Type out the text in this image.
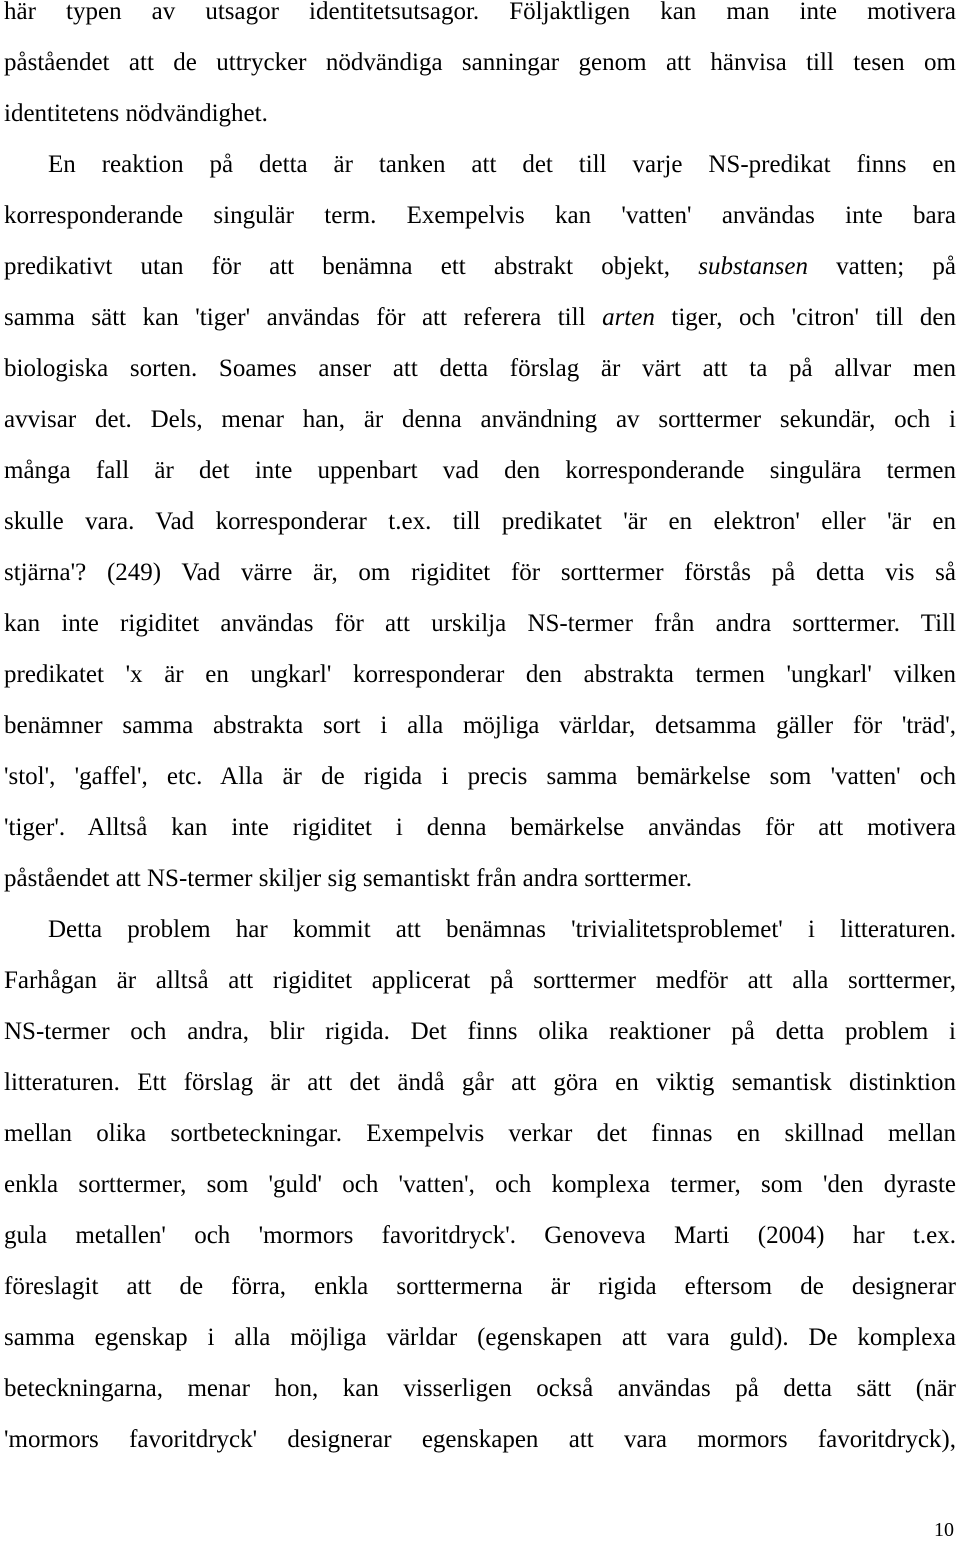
här typen av utsagor identitetsutsagor. Följaktligen kan man inte motivera
påståendet att de uttrycker nödvändiga sanningar genom att hänvisa till tesen om
identitetens nödvändighet.
En reaktion på detta är tanken att det till varje NS-predikat finns en
korresponderande singulär term. Exempelvis kan 'vatten' användas inte bara
predikativt utan för att benämna ett abstrakt objekt, substansen vatten; på
samma sätt kan 'tiger' användas för att referera till arten tiger, och 'citron' till den
biologiska sorten. Soames anser att detta förslag är värt att ta på allvar men
avvisar det. Dels, menar han, är denna användning av sorttermer sekundär, och i
många fall är det inte uppenbart vad den korresponderande singulära termen
skulle vara. Vad korresponderar t.ex. till predikatet 'är en elektron' eller 'är en
stjärna'? (249) Vad värre är, om rigiditet för sorttermer förstås på detta vis så
kan inte rigiditet användas för att urskilja NS-termer från andra sorttermer. Till
predikatet 'x är en ungkarl' korresponderar den abstrakta termen 'ungkarl' vilken
benämner samma abstrakta sort i alla möjliga världar, detsamma gäller för 'träd',
'stol', 'gaffel', etc. Alla är de rigida i precis samma bemärkelse som 'vatten' och
'tiger'. Alltså kan inte rigiditet i denna bemärkelse användas för att motivera
påståendet att NS-termer skiljer sig semantiskt från andra sorttermer.
Detta problem har kommit att benämnas 'trivialitetsproblemet' i litteraturen.
Farhågan är alltså att rigiditet applicerat på sorttermer medför att alla sorttermer,
NS-termer och andra, blir rigida. Det finns olika reaktioner på detta problem i
litteraturen. Ett förslag är att det ändå går att göra en viktig semantisk distinktion
mellan olika sortbeteckningar. Exempelvis verkar det finnas en skillnad mellan
enkla sorttermer, som 'guld' och 'vatten', och komplexa termer, som 'den dyraste
gula metallen' och 'mormors favoritdryck'. Genoveva Marti (2004) har t.ex.
föreslagit att de förra, enkla sorttermerna är rigida eftersom de designerar
samma egenskap i alla möjliga världar (egenskapen att vara guld). De komplexa
beteckningarna, menar hon, kan visserligen också användas på detta sätt (när
'mormors favoritdryck' designerar egenskapen att vara mormors favoritdryck),
10
